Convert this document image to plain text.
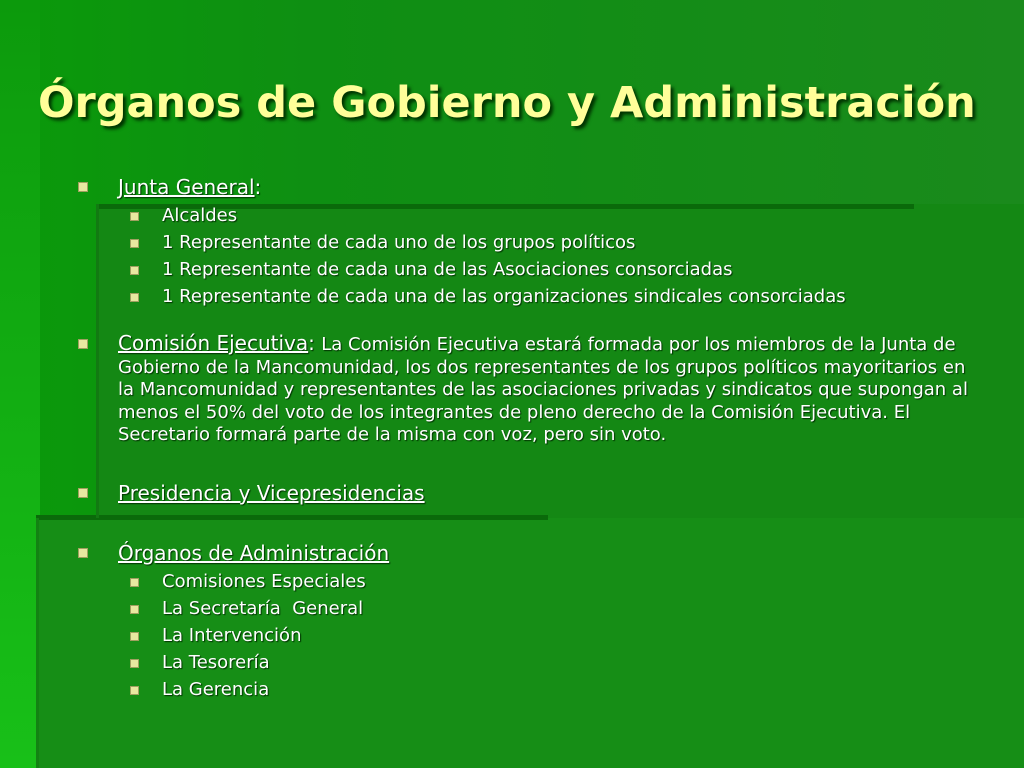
Órganos de Gobierno y Administración
Junta General:
Alcaldes
1 Representante de cada uno de los grupos políticos
1 Representante de cada una de las Asociaciones consorciadas
1 Representante de cada una de las organizaciones sindicales consorciadas
Comisión Ejecutiva: La Comisión Ejecutiva estará formada por los miembros de la Junta de Gobierno de la Mancomunidad, los dos representantes de los grupos políticos mayoritarios en la Mancomunidad y representantes de las asociaciones privadas y sindicatos que supongan al menos el 50% del voto de los integrantes de pleno derecho de la Comisión Ejecutiva. El Secretario formará parte de la misma con voz, pero sin voto.
Presidencia y Vicepresidencias
Órganos de Administración
Comisiones Especiales
La Secretaría  General
La Intervención
La Tesorería
La Gerencia
